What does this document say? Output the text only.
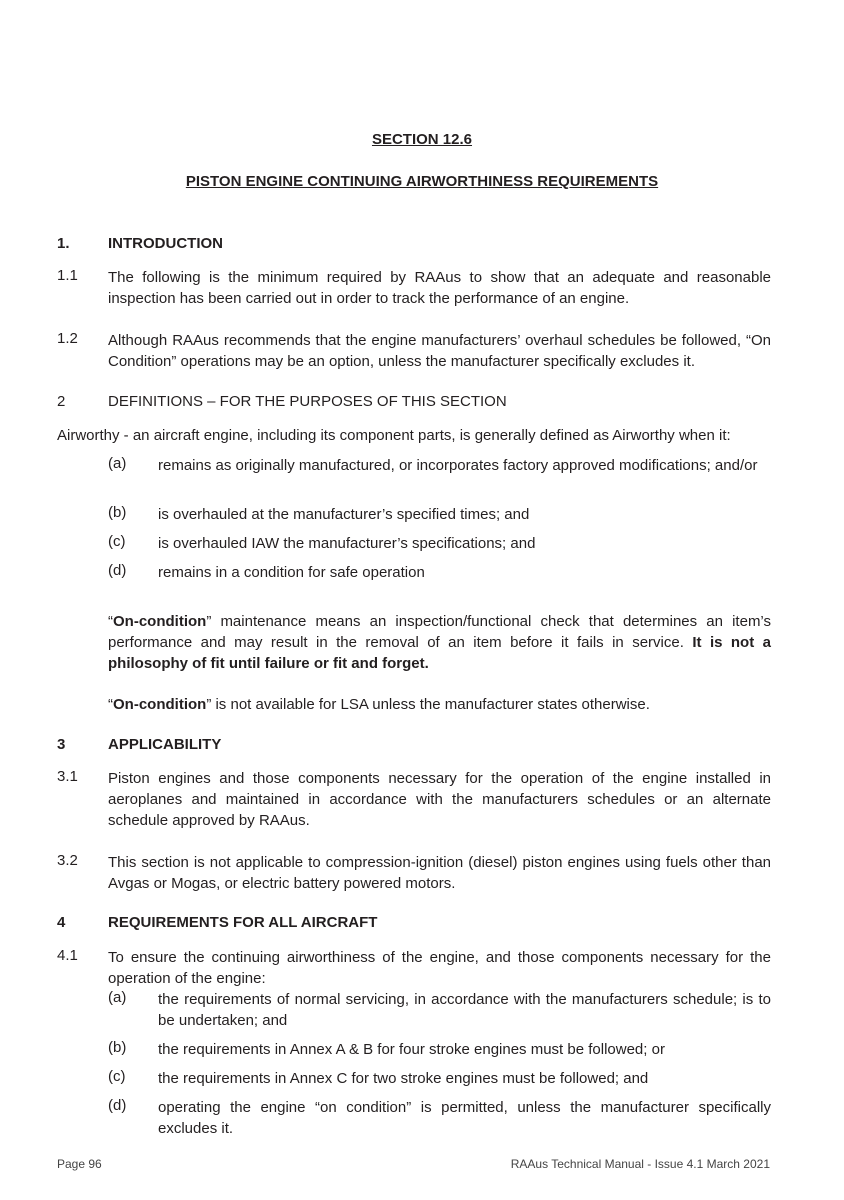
SECTION 12.6
PISTON ENGINE CONTINUING AIRWORTHINESS REQUIREMENTS
1.	INTRODUCTION
1.1 The following is the minimum required by RAAus to show that an adequate and reasonable inspection has been carried out in order to track the performance of an engine.
1.2 Although RAAus recommends that the engine manufacturers’ overhaul schedules be followed, “On Condition” operations may be an option, unless the manufacturer specifically excludes it.
2	DEFINITIONS – FOR THE PURPOSES OF THIS SECTION
Airworthy - an aircraft engine, including its component parts, is generally defined as Airworthy when it:
(a) remains as originally manufactured, or incorporates factory approved modifications; and/or
(b) is overhauled at the manufacturer’s specified times; and
(c) is overhauled IAW the manufacturer’s specifications; and
(d) remains in a condition for safe operation
“On-condition” maintenance means an inspection/functional check that determines an item’s performance and may result in the removal of an item before it fails in service. It is not a philosophy of fit until failure or fit and forget.
“On-condition” is not available for LSA unless the manufacturer states otherwise.
3	APPLICABILITY
3.1 Piston engines and those components necessary for the operation of the engine installed in aeroplanes and maintained in accordance with the manufacturers schedules or an alternate schedule approved by RAAus.
3.2 This section is not applicable to compression-ignition (diesel) piston engines using fuels other than Avgas or Mogas, or electric battery powered motors.
4	REQUIREMENTS FOR ALL AIRCRAFT
4.1 To ensure the continuing airworthiness of the engine, and those components necessary for the operation of the engine:
(a) the requirements of normal servicing, in accordance with the manufacturers schedule; is to be undertaken; and
(b) the requirements in Annex A & B for four stroke engines must be followed; or
(c) the requirements in Annex C for two stroke engines must be followed; and
(d) operating the engine “on condition” is permitted, unless the manufacturer specifically excludes it.
Page 96	RAAus Technical Manual - Issue 4.1 March 2021
